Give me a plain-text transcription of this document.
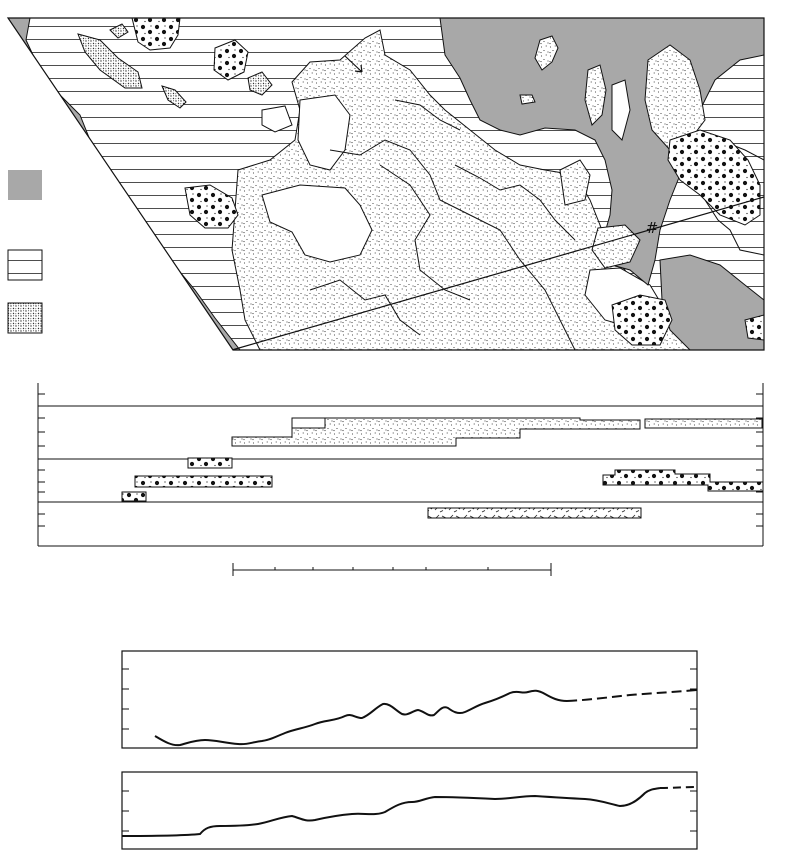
#
